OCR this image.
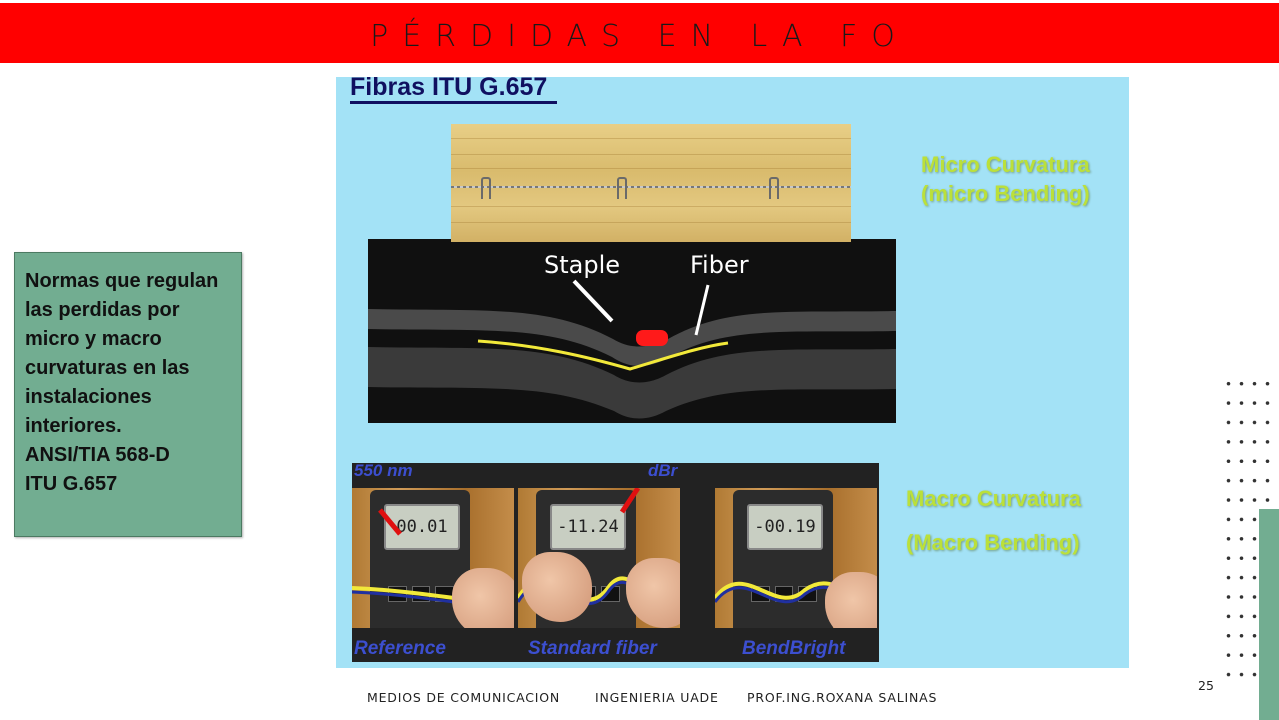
PÉRDIDAS EN LA FO
Fibras ITU G.657
Staple	Fiber
Micro Curvatura
(micro Bending)
550 nm	dBr
00.01	-11.24	-00.19
Reference	Standard fiber	BendBright
Macro Curvatura
(Macro Bending)
Normas que regulan
las perdidas por
micro y macro
curvaturas en las
instalaciones
interiores.
ANSI/TIA 568-D
ITU G.657
MEDIOS DE COMUNICACION	INGENIERIA UADE PROF.ING.ROXANA SALINAS
25
